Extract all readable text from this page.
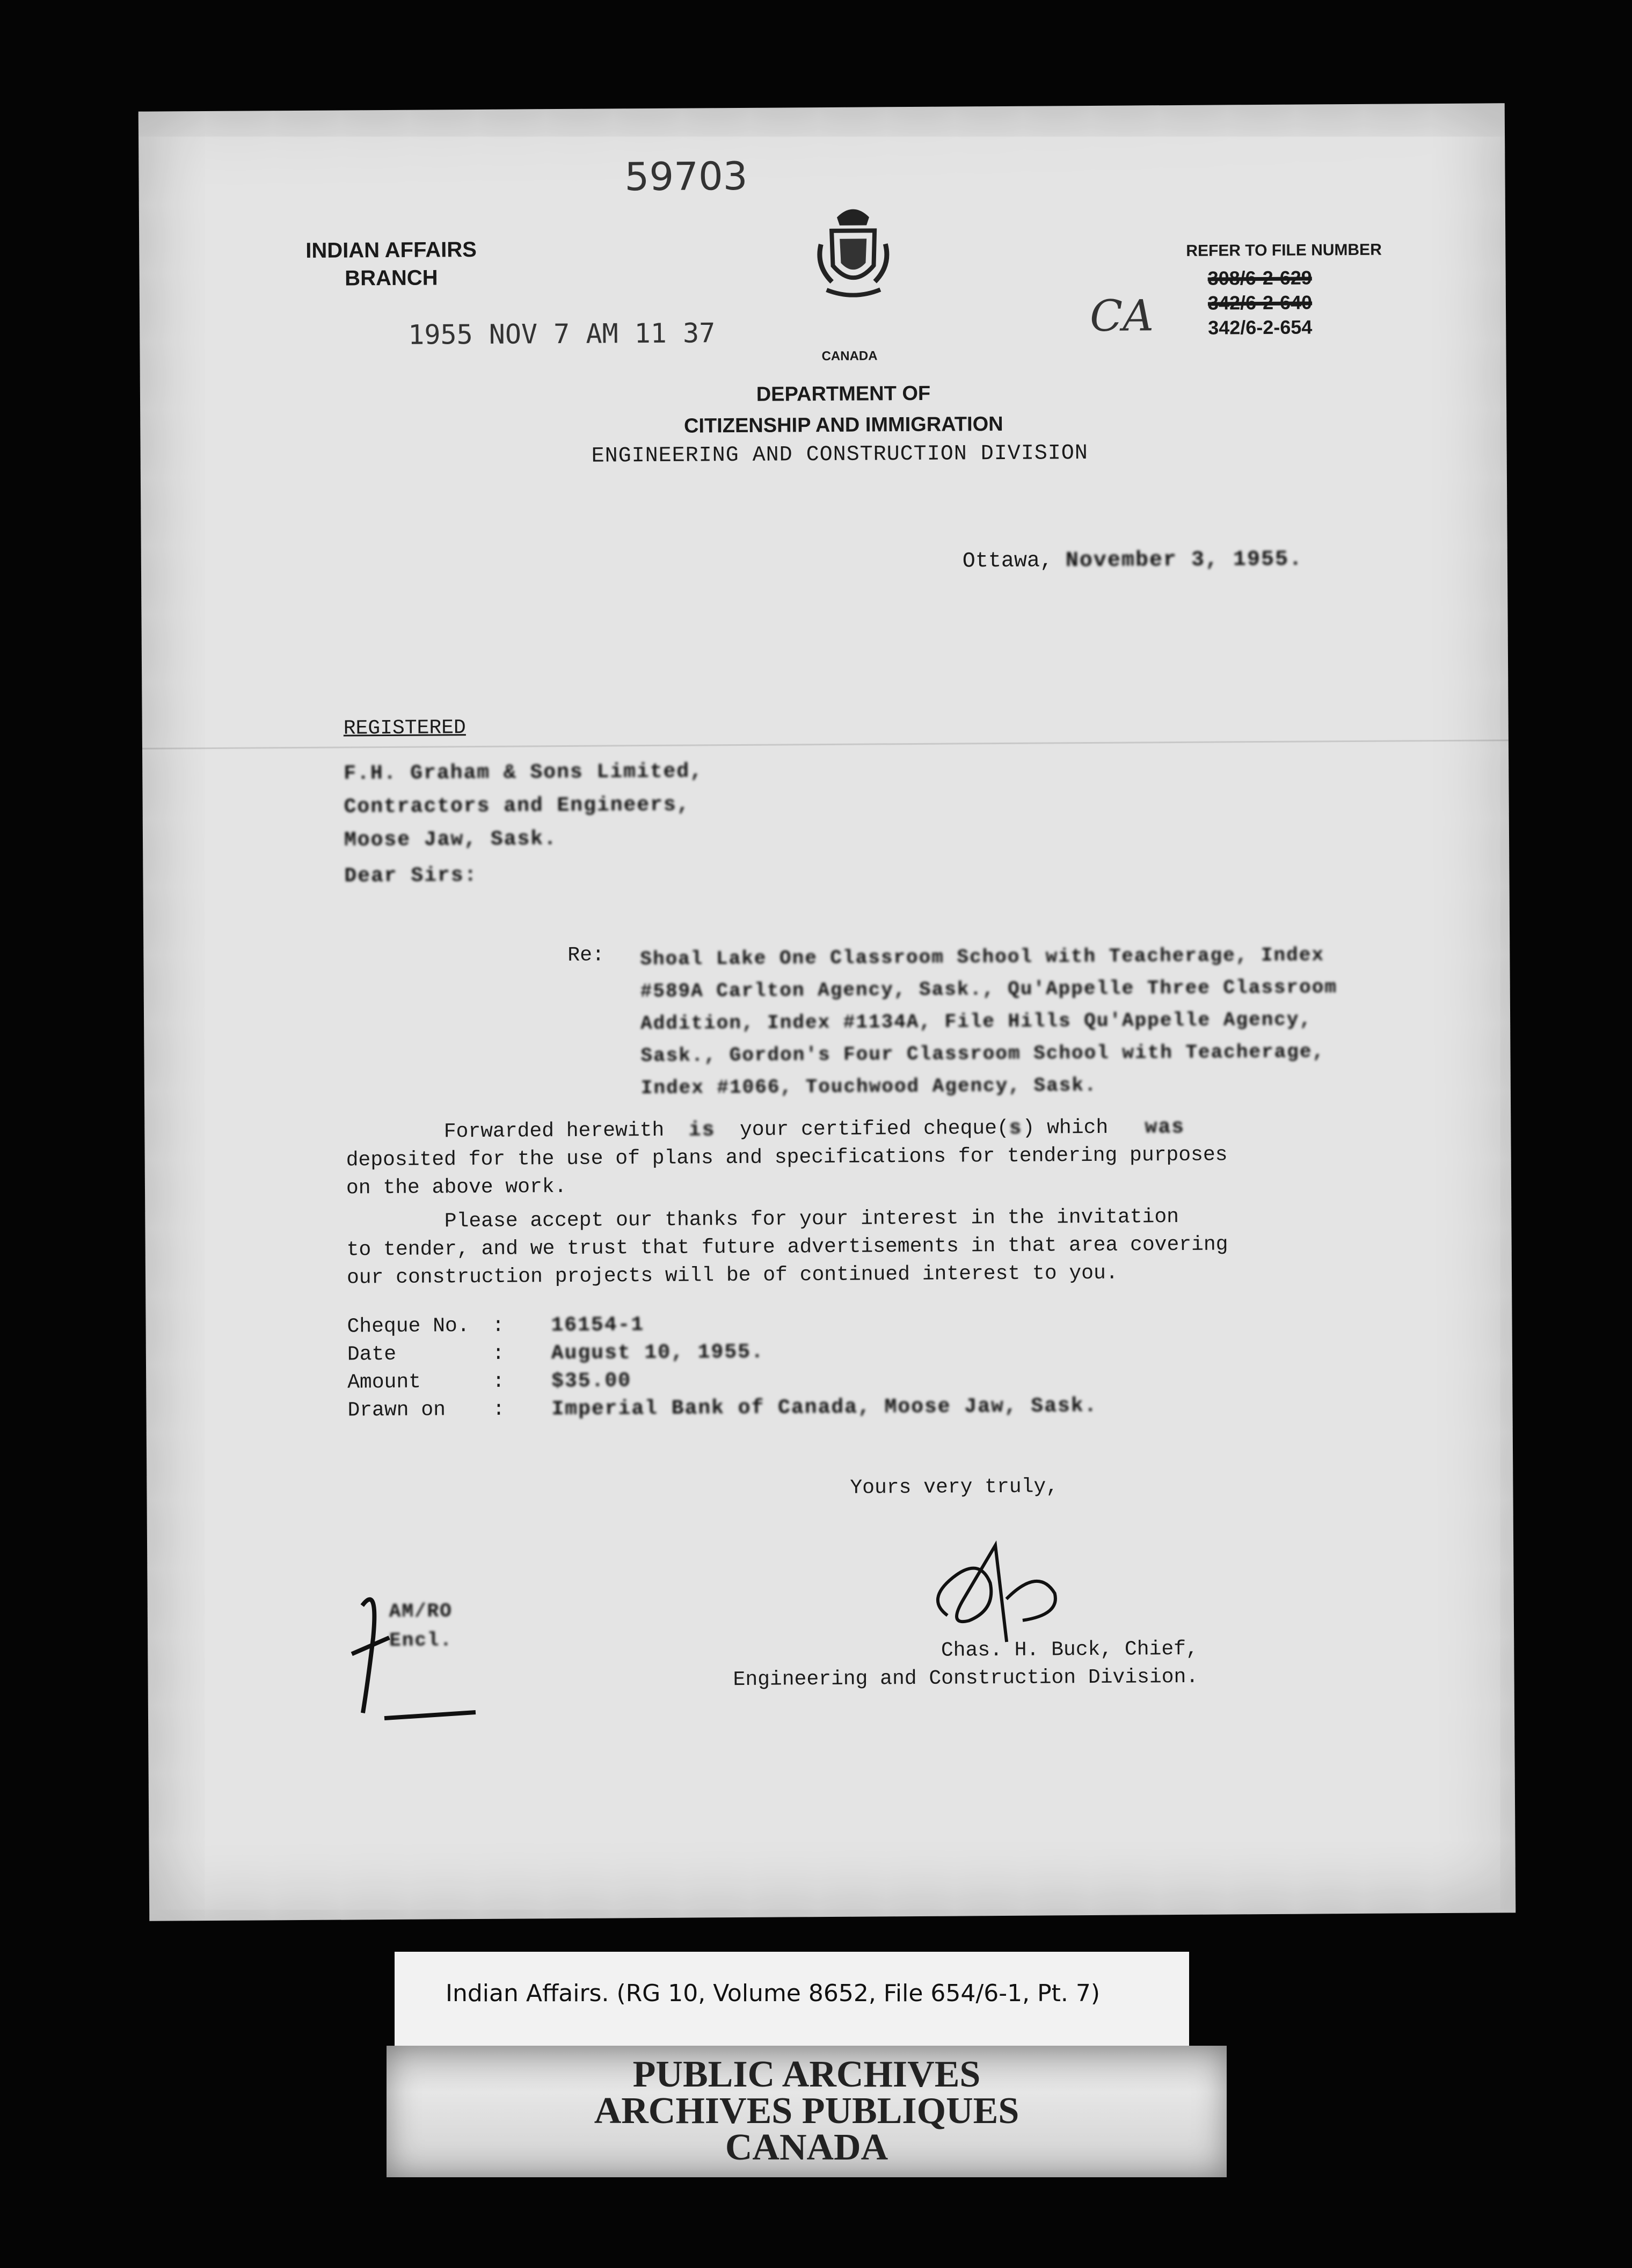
59703
INDIAN AFFAIRS
BRANCH
1955 NOV 7 AM 11 37
CANADA
DEPARTMENT OF
CITIZENSHIP AND IMMIGRATION
ENGINEERING AND CONSTRUCTION DIVISION
REFER TO FILE NUMBER
308/6-2-629
342/6-2-640
342/6-2-654
CA
Ottawa, November 3, 1955.
REGISTERED
F.H. Graham & Sons Limited,
Contractors and Engineers,
Moose Jaw, Sask.
Dear Sirs:
Re: Shoal Lake One Classroom School with Teacherage, Index
#589A Carlton Agency, Sask., Qu'Appelle Three Classroom
Addition, Index #1134A, File Hills Qu'Appelle Agency,
Sask., Gordon's Four Classroom School with Teacherage,
Index #1066, Touchwood Agency, Sask.
Forwarded herewith is your certified cheque(s) which was
deposited for the use of plans and specifications for tendering purposes
on the above work.
Please accept our thanks for your interest in the invitation
to tender, and we trust that future advertisements in that area covering
our construction projects will be of continued interest to you.
Cheque No. : 16154-1
Date	: August 10, 1955.
Amount	: $35.00
Drawn on : Imperial Bank of Canada, Moose Jaw, Sask.
Yours very truly,
Chas. H. Buck, Chief,
Engineering and Construction Division.
AM/RO
Encl.
Indian Affairs. (RG 10, Volume 8652, File 654/6-1, Pt. 7)
PUBLIC ARCHIVES
ARCHIVES PUBLIQUES
CANADA
